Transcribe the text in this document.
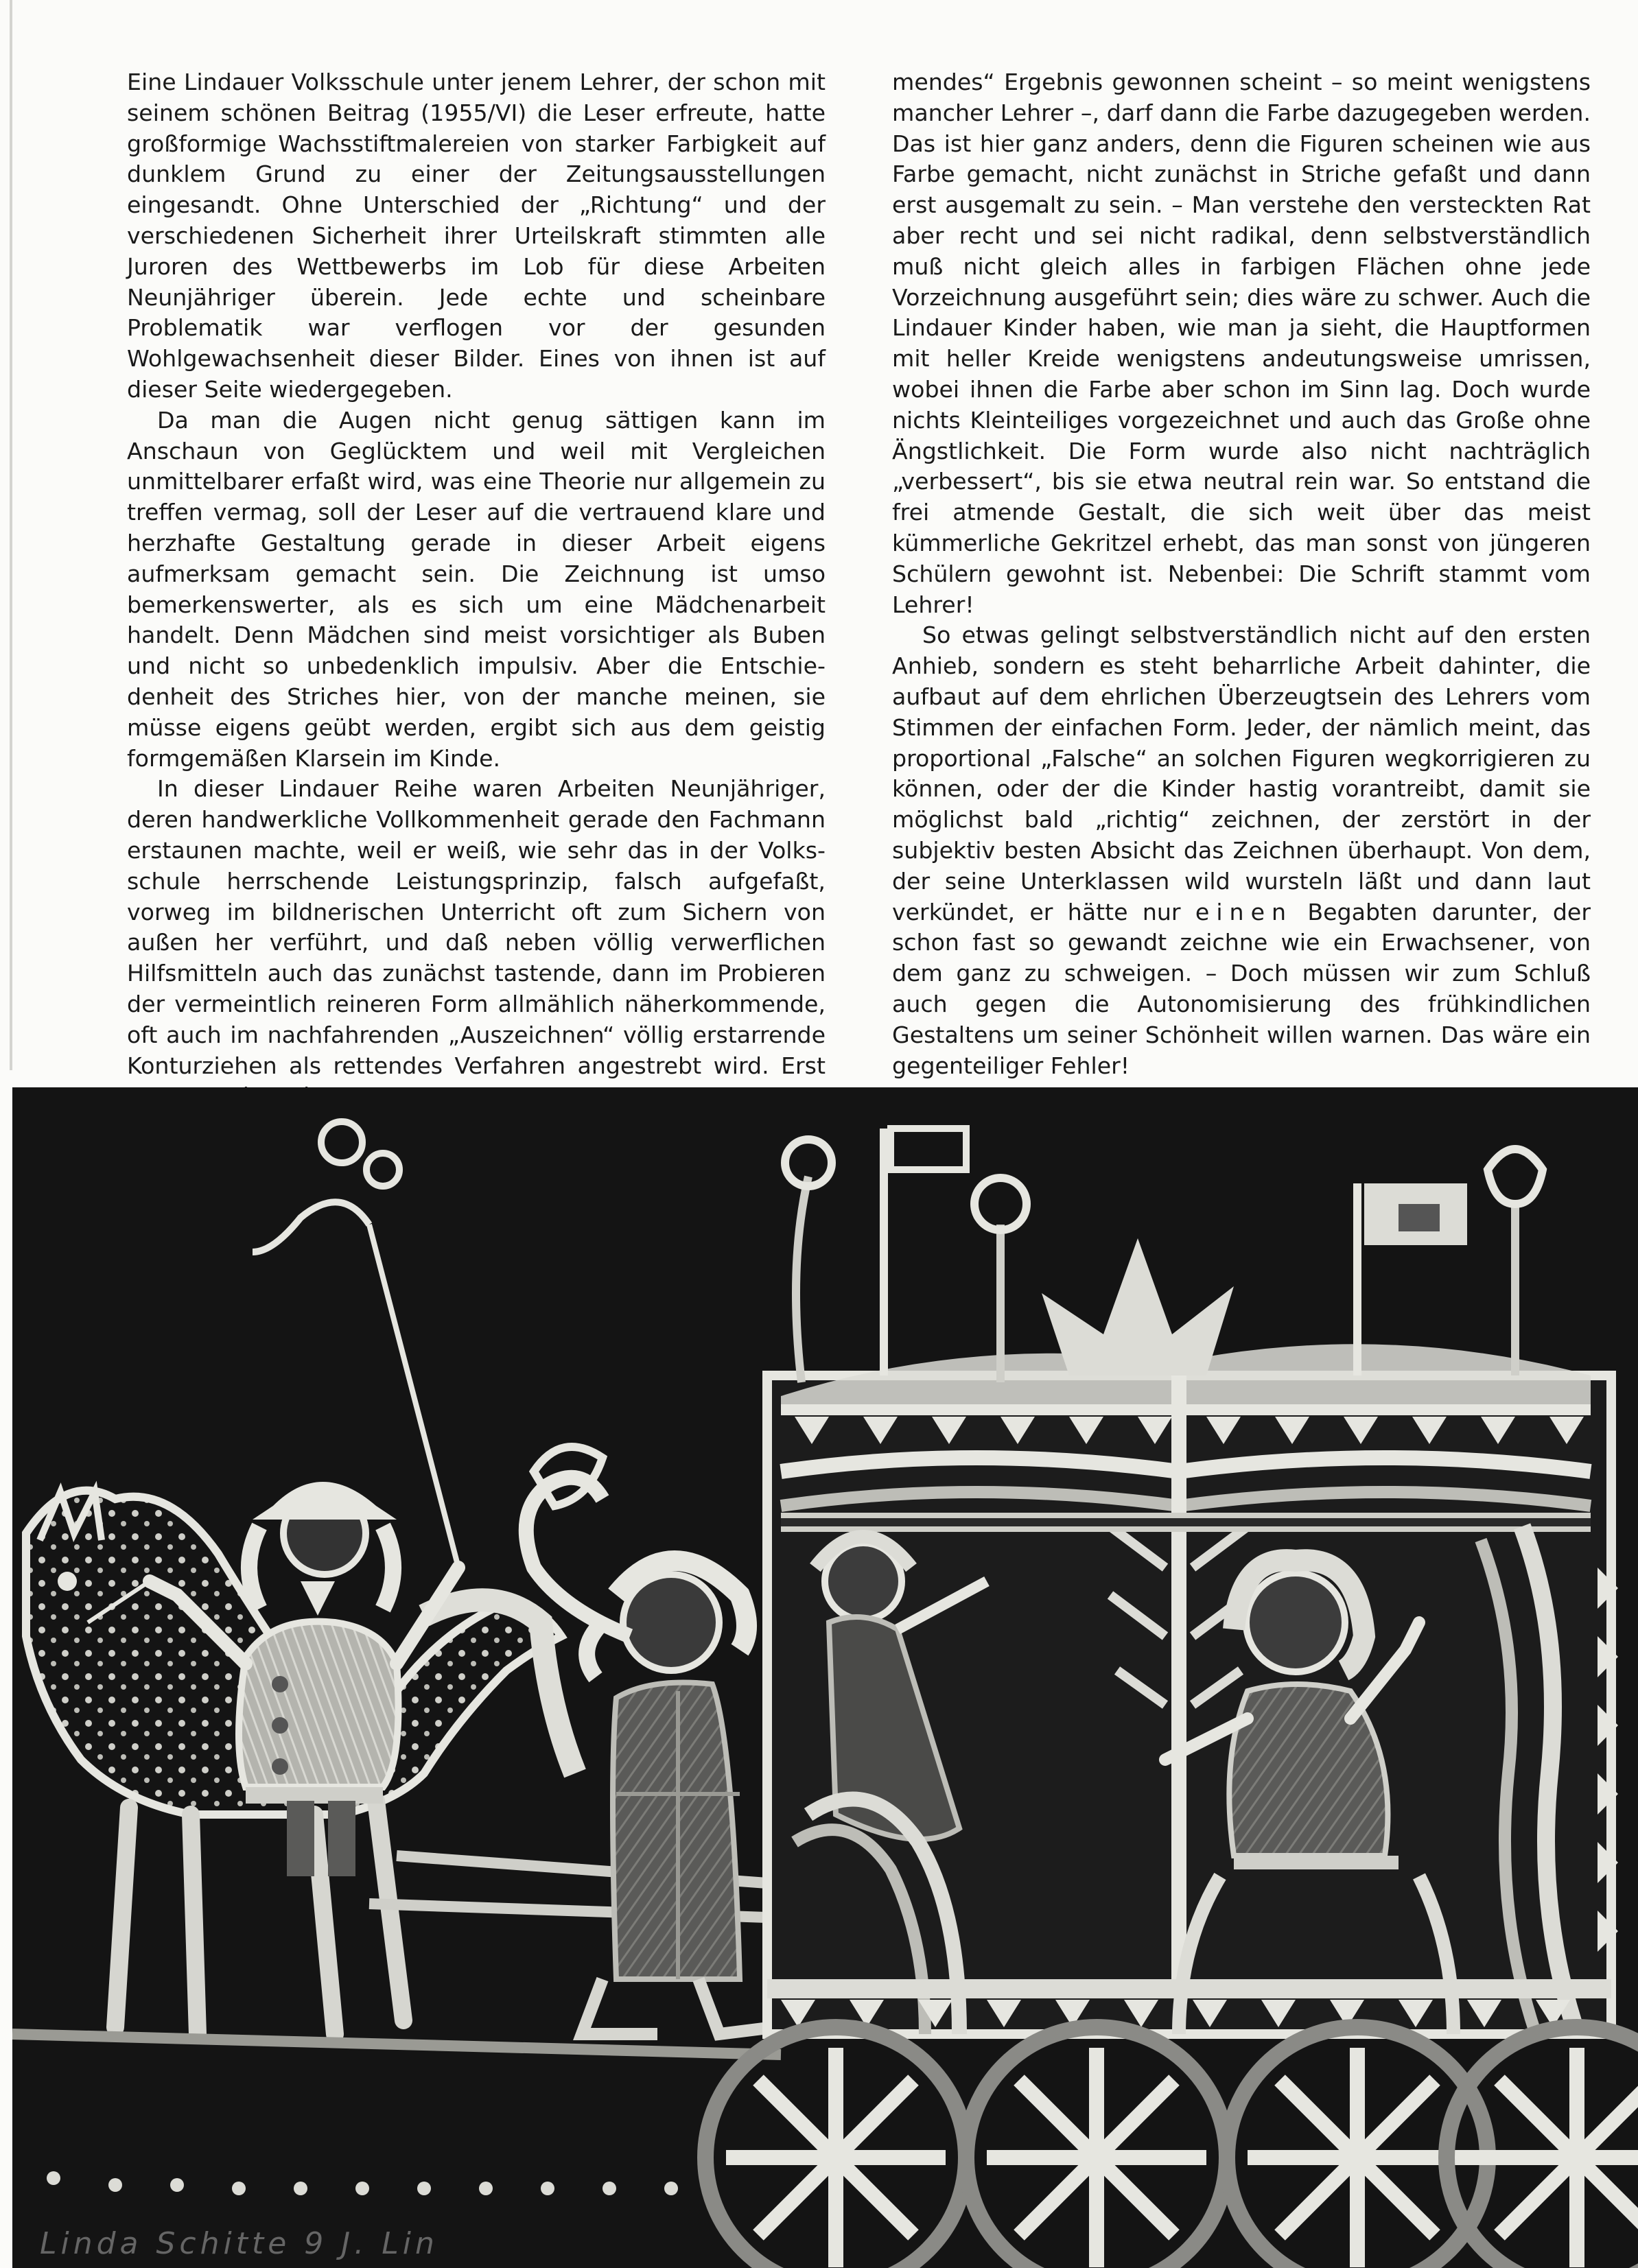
Eine Lindauer Volksschule unter jenem Lehrer, der schon mit seinem schönen Beitrag (1955/VI) die Leser erfreute, hatte großformige Wachsstiftmalereien von starker Farbigkeit auf dunklem Grund zu einer der Zeitungsausstellungen eingesandt. Ohne Unterschied der „Richtung“ und der verschiedenen Sicherheit ihrer Urteilskraft stimmten alle Juroren des Wettbewerbs im Lob für diese Arbeiten Neunjähriger überein. Jede echte und scheinbare Problematik war verflogen vor der gesunden Wohlgewachsenheit dieser Bilder. Eines von ihnen ist auf dieser Seite wiedergegeben.

Da man die Augen nicht genug sättigen kann im Anschaun von Geglücktem und weil mit Vergleichen unmittelbarer erfaßt wird, was eine Theorie nur allgemein zu treffen vermag, soll der Leser auf die vertrauend klare und herzhafte Gestaltung gerade in dieser Arbeit eigens aufmerksam gemacht sein. Die Zeichnung ist umso bemerkenswerter, als es sich um eine Mädchenarbeit handelt. Denn Mädchen sind meist vorsichtiger als Buben und nicht so unbedenklich impulsiv. Aber die Entschiedenheit des Striches hier, von der manche meinen, sie müsse eigens geübt werden, ergibt sich aus dem geistig formgemäßen Klarsein im Kinde.

In dieser Lindauer Reihe waren Arbeiten Neunjähriger, deren handwerkliche Vollkommenheit gerade den Fachmann erstaunen machte, weil er weiß, wie sehr das in der Volksschule herrschende Leistungsprinzip, falsch aufgefaßt, vorweg im bildnerischen Unterricht oft zum Sichern von außen her verführt, und daß neben völlig verwerflichen Hilfsmitteln auch das zunächst tastende, dann im Probieren der vermeintlich reineren Form allmählich näherkommende, oft auch im nachfahrenden „Auszeichnen“ völlig erstarrende Konturziehen als rettendes Verfahren angestrebt wird. Erst

mendes“ Ergebnis gewonnen scheint – so meint wenigstens mancher Lehrer –, darf dann die Farbe dazugegeben werden. Das ist hier ganz anders, denn die Figuren scheinen wie aus Farbe gemacht, nicht zunächst in Striche gefaßt und dann erst ausgemalt zu sein. – Man verstehe den versteckten Rat aber recht und sei nicht radikal, denn selbstverständlich muß nicht gleich alles in farbigen Flächen ohne jede Vorzeichnung ausgeführt sein; dies wäre zu schwer. Auch die Lindauer Kinder haben, wie man ja sieht, die Hauptformen mit heller Kreide wenigstens andeutungsweise umrissen, wobei ihnen die Farbe aber schon im Sinn lag. Doch wurde nichts Kleinteiliges vorgezeichnet und auch das Große ohne Ängstlichkeit. Die Form wurde also nicht nachträglich „verbessert“, bis sie etwa neutral rein war. So entstand die frei atmende Gestalt, die sich weit über das meist kümmerliche Gekritzel erhebt, das man sonst von jüngeren Schülern gewohnt ist. Nebenbei: Die Schrift stammt vom Lehrer!

So etwas gelingt selbstverständlich nicht auf den ersten Anhieb, sondern es steht beharrliche Arbeit dahinter, die aufbaut auf dem ehrlichen Überzeugtsein des Lehrers vom Stimmen der einfachen Form. Jeder, der nämlich meint, das proportional „Falsche“ an solchen Figuren wegkorrigieren zu können, oder der die Kinder hastig vorantreibt, damit sie möglichst bald „richtig“ zeichnen, der zerstört in der subjektiv besten Absicht das Zeichnen überhaupt. Von dem, der seine Unterklassen wild wursteln läßt und dann laut verkündet, er hätte nur einen Begabten darunter, der schon fast so gewandt zeichne wie ein Erwachsener, von dem ganz zu schweigen. – Doch müssen wir zum Schluß auch gegen die Autonomisierung des frühkindlichen Gestaltens um seiner Schönheit willen warnen. Das wäre ein gegenteiliger Fehler!

Linda Schitte 9 J. Lin
